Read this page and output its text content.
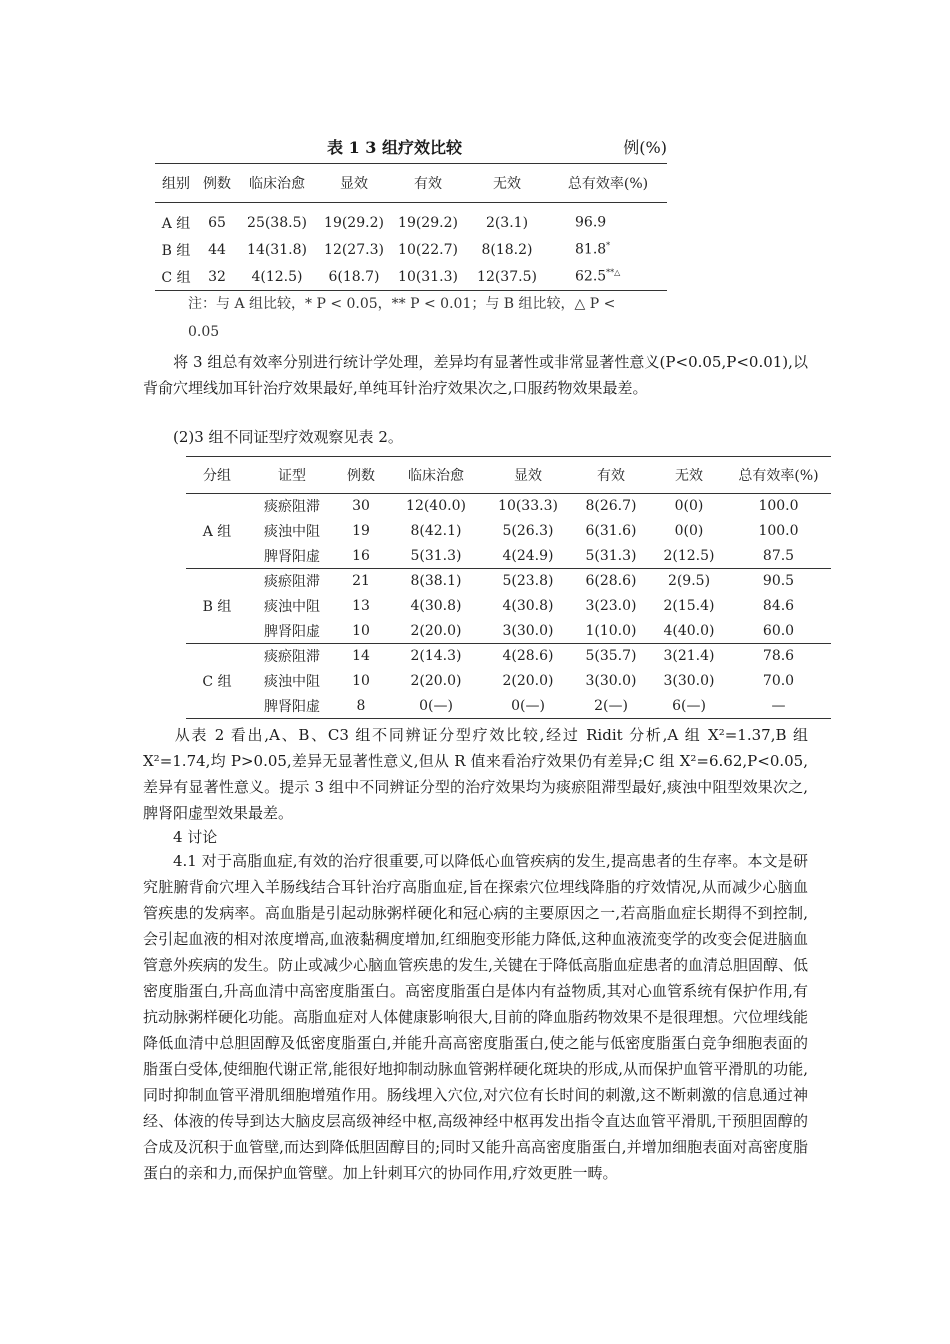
表 1 3 组疗效比较	例(%)
组别	例数	临床治愈	显效	有效	无效	总有效率(%)
A 组	65	25(38.5)	19(29.2)	19(29.2)	2(3.1)	96.9
B 组	44	14(31.8)	12(27.3)	10(22.7)	8(18.2)	81.8*
C 组	32	4(12.5)	6(18.7)	10(31.3)	12(37.5)	62.5**△
注：与 A 组比较，* P < 0.05，** P < 0.01；与 B 组比较，△ P <
0.05
将 3 组总有效率分别进行统计学处理，差异均有显著性或非常显著性意义(P<0.05,P<0.01),以背俞穴埋线加耳针治疗效果最好,单纯耳针治疗效果次之,口服药物效果最差。
(2)3 组不同证型疗效观察见表 2。
分组	证型	例数	临床治愈	显效	有效	无效	总有效率(%)
A 组	痰瘀阻滞	30	12(40.0)	10(33.3)	8(26.7)	0(0)	100.0
	痰浊中阻	19	8(42.1)	5(26.3)	6(31.6)	0(0)	100.0
	脾肾阳虚	16	5(31.3)	4(24.9)	5(31.3)	2(12.5)	87.5
B 组	痰瘀阻滞	21	8(38.1)	5(23.8)	6(28.6)	2(9.5)	90.5
	痰浊中阻	13	4(30.8)	4(30.8)	3(23.0)	2(15.4)	84.6
	脾肾阳虚	10	2(20.0)	3(30.0)	1(10.0)	4(40.0)	60.0
C 组	痰瘀阻滞	14	2(14.3)	4(28.6)	5(35.7)	3(21.4)	78.6
	痰浊中阻	10	2(20.0)	2(20.0)	3(30.0)	3(30.0)	70.0
	脾肾阳虚	8	0(—)	0(—)	2(—)	6(—)	—
从表 2 看出,A、B、C3 组不同辨证分型疗效比较,经过 Ridit 分析,A 组 X²=1.37,B 组 X²=1.74,均 P>0.05,差异无显著性意义,但从 R 值来看治疗效果仍有差异;C 组 X²=6.62,P<0.05,差异有显著性意义。提示 3 组中不同辨证分型的治疗效果均为痰瘀阻滞型最好,痰浊中阻型效果次之,脾肾阳虚型效果最差。
4 讨论
4.1 对于高脂血症,有效的治疗很重要,可以降低心血管疾病的发生,提高患者的生存率。本文是研究脏腑背俞穴埋入羊肠线结合耳针治疗高脂血症,旨在探索穴位埋线降脂的疗效情况,从而减少心脑血管疾患的发病率。高血脂是引起动脉粥样硬化和冠心病的主要原因之一,若高脂血症长期得不到控制,会引起血液的相对浓度增高,血液黏稠度增加,红细胞变形能力降低,这种血液流变学的改变会促进脑血管意外疾病的发生。防止或减少心脑血管疾患的发生,关键在于降低高脂血症患者的血清总胆固醇、低密度脂蛋白,升高血清中高密度脂蛋白。高密度脂蛋白是体内有益物质,其对心血管系统有保护作用,有抗动脉粥样硬化功能。高脂血症对人体健康影响很大,目前的降血脂药物效果不是很理想。穴位埋线能降低血清中总胆固醇及低密度脂蛋白,并能升高高密度脂蛋白,使之能与低密度脂蛋白竞争细胞表面的脂蛋白受体,使细胞代谢正常,能很好地抑制动脉血管粥样硬化斑块的形成,从而保护血管平滑肌的功能,同时抑制血管平滑肌细胞增殖作用。肠线埋入穴位,对穴位有长时间的刺激,这不断刺激的信息通过神经、体液的传导到达大脑皮层高级神经中枢,高级神经中枢再发出指令直达血管平滑肌,干预胆固醇的合成及沉积于血管壁,而达到降低胆固醇目的;同时又能升高高密度脂蛋白,并增加细胞表面对高密度脂蛋白的亲和力,而保护血管壁。加上针刺耳穴的协同作用,疗效更胜一畴。
